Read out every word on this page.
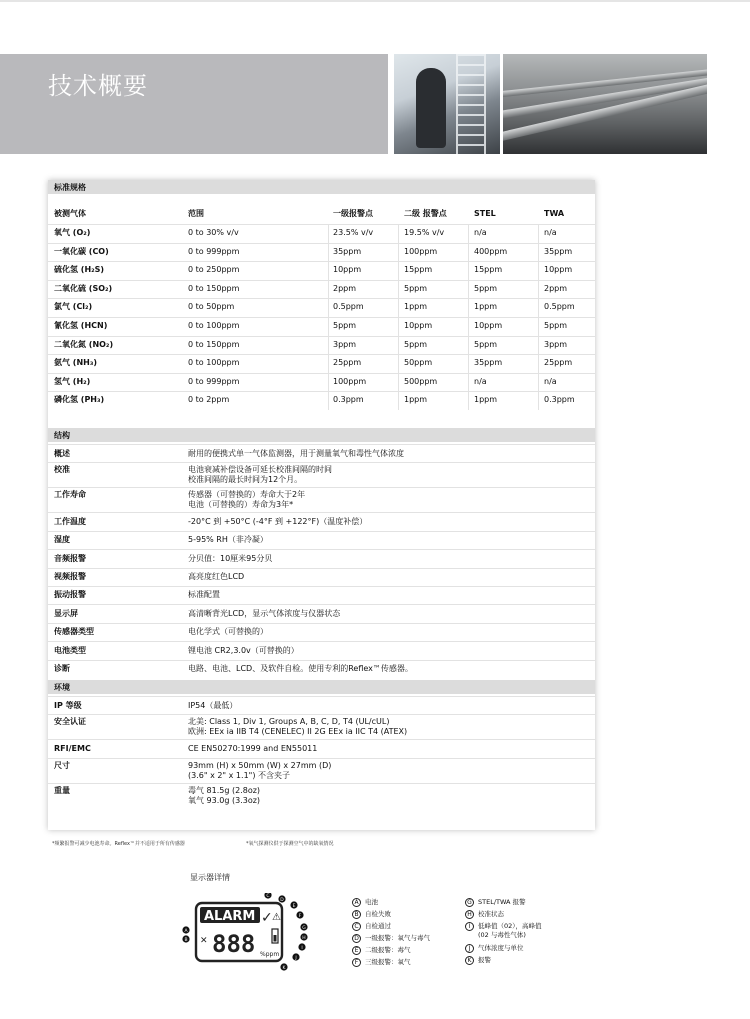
技术概要
标准规格
被测气体	范围	一级报警点	二级 报警点	STEL	TWA
氧气 (O₂)	0 to 30% v/v	23.5% v/v	19.5% v/v	n/a	n/a
一氧化碳 (CO)	0 to 999ppm	35ppm	100ppm	400ppm	35ppm
硫化氢 (H₂S)	0 to 250ppm	10ppm	15ppm	15ppm	10ppm
二氧化硫 (SO₂)	0 to 150ppm	2ppm	5ppm	5ppm	2ppm
氯气 (Cl₂)	0 to 50ppm	0.5ppm	1ppm	1ppm	0.5ppm
氰化氢 (HCN)	0 to 100ppm	5ppm	10ppm	10ppm	5ppm
二氧化氮 (NO₂)	0 to 150ppm	3ppm	5ppm	5ppm	3ppm
氨气 (NH₃)	0 to 100ppm	25ppm	50ppm	35ppm	25ppm
氢气 (H₂)	0 to 999ppm	100ppm	500ppm	n/a	n/a
磷化氢 (PH₃)	0 to 2ppm	0.3ppm	1ppm	1ppm	0.3ppm
结构
概述	耐用的便携式单一气体监测器，用于测量氧气和毒性气体浓度
校准	电池衰减补偿设备可延长校准间隔的时间
校准间隔的最长时间为12个月。
工作寿命	传感器（可替换的）寿命大于2年
电池（可替换的）寿命为3年*
工作温度	-20°C 到 +50°C (-4°F 到 +122°F)（温度补偿）
湿度	5-95% RH（非冷凝）
音频报警	分贝值：10厘米95分贝
视频报警	高亮度红色LCD
振动报警	标准配置
显示屏	高清晰背光LCD，显示气体浓度与仪器状态
传感器类型	电化学式（可替换的）
电池类型	锂电池 CR2,3.0v（可替换的）
诊断	电路、电池、LCD、及软件自检。使用专利的Reflex™传感器。
环境
IP 等级	IP54（最低）
安全认证	北美: Class 1, Div 1, Groups A, B, C, D, T4 (UL/cUL)
欧洲: EEx ia IIB T4 (CENELEC) II 2G EEx ia IIC T4 (ATEX)
RFI/EMC	CE EN50270:1999 and EN55011
尺寸	93mm (H) x 50mm (W) x 27mm (D)
(3.6" x 2" x 1.1") 不含夹子
重量	毒气 81.5g (2.8oz)
氧气 93.0g (3.3oz)
*频繁报警可减少电池寿命。Reflex™并不适用于所有传感器	*氧气探测仪供于探测空气中的缺氧情况
显示器详情
ALARM ✓ ⚠
888
✕
%ppm
A
B
C
D
E
F
G
H
I
J
K
A 电池
B 自检失败
C 自检通过
D 一级报警：氧气与毒气
E	二级报警：毒气
F	三级报警：氧气
G STEL/TWA 报警
H 校准状态
I	低峰值（02），高峰值
(02 与毒性气体)
J	气体浓度与单位
K	报警
